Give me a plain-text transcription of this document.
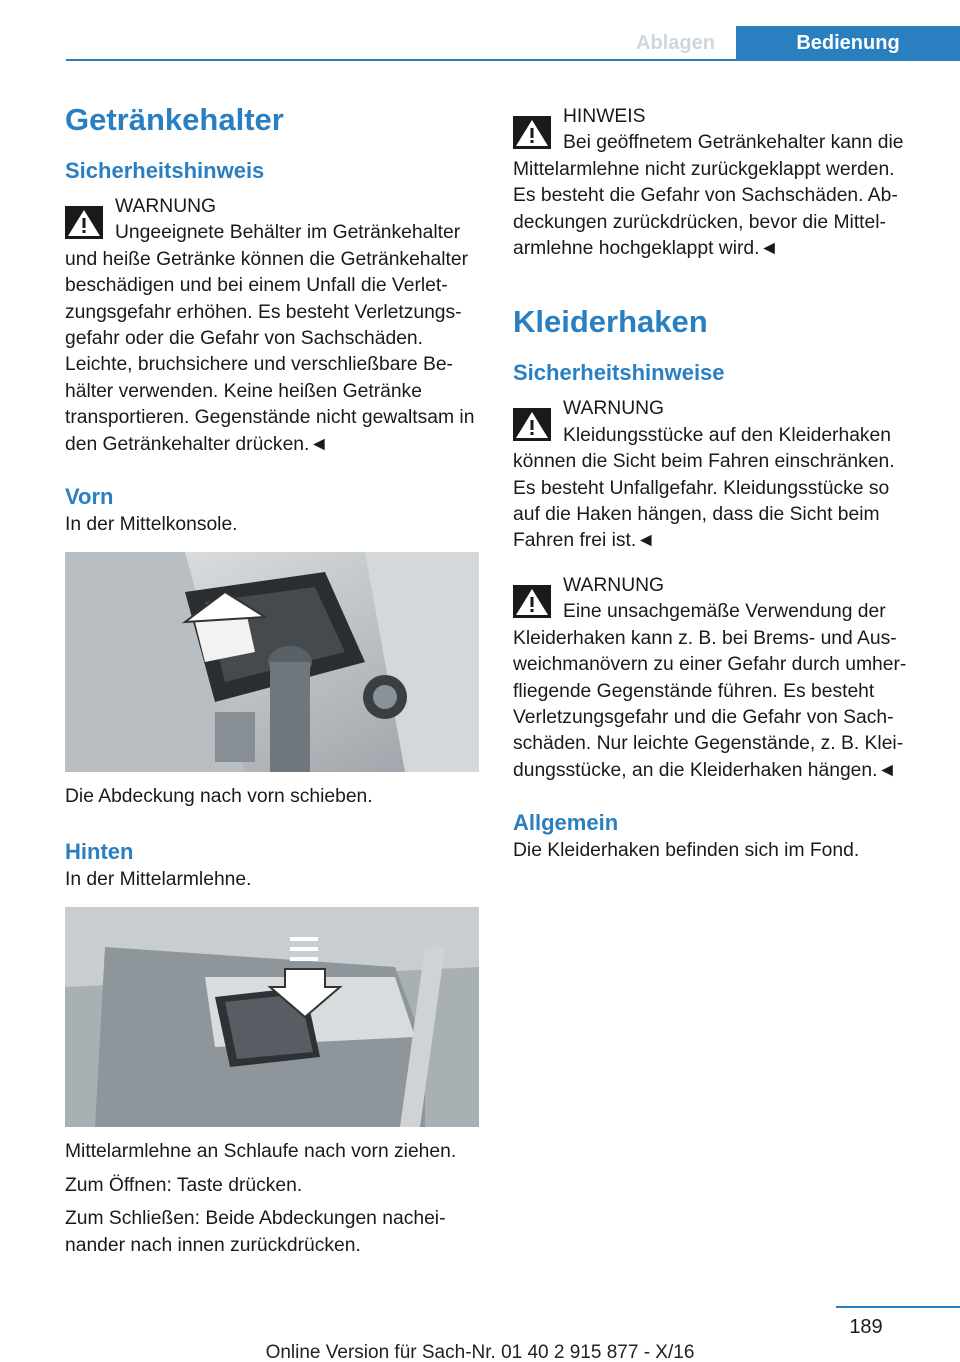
Ablagen	Bedienung
Getränkehalter
Sicherheitshinweis
WARNUNG
Ungeeignete Behälter im Getränkehalter
und heiße Getränke können die Getränkehalter beschädigen und bei einem Unfall die Verlet-zungsgefahr erhöhen. Es besteht Verletzungs-gefahr oder die Gefahr von Sachschäden. Leichte, bruchsichere und verschließbare Be-hälter verwenden. Keine heißen Getränke transportieren. Gegenstände nicht gewaltsam in den Getränkehalter drücken.◄
Vorn
In der Mittelkonsole.
Die Abdeckung nach vorn schieben.
Hinten
In der Mittelarmlehne.
Mittelarmlehne an Schlaufe nach vorn ziehen.
Zum Öffnen: Taste drücken.
Zum Schließen: Beide Abdeckungen nachei-nander nach innen zurückdrücken.
HINWEIS
Bei geöffnetem Getränkehalter kann die
Mittelarmlehne nicht zurückgeklappt werden. Es besteht die Gefahr von Sachschäden. Ab-deckungen zurückdrücken, bevor die Mittel-armlehne hochgeklappt wird.◄
Kleiderhaken
Sicherheitshinweise
WARNUNG
Kleidungsstücke auf den Kleiderhaken
können die Sicht beim Fahren einschränken. Es besteht Unfallgefahr. Kleidungsstücke so auf die Haken hängen, dass die Sicht beim Fahren frei ist.◄
WARNUNG
Eine unsachgemäße Verwendung der
Kleiderhaken kann z. B. bei Brems- und Aus-weichmanövern zu einer Gefahr durch umher-fliegende Gegenstände führen. Es besteht Verletzungsgefahr und die Gefahr von Sach-schäden. Nur leichte Gegenstände, z. B. Klei-dungsstücke, an die Kleiderhaken hängen.◄
Allgemein
Die Kleiderhaken befinden sich im Fond.
189
Online Version für Sach-Nr. 01 40 2 915 877 - X/16
